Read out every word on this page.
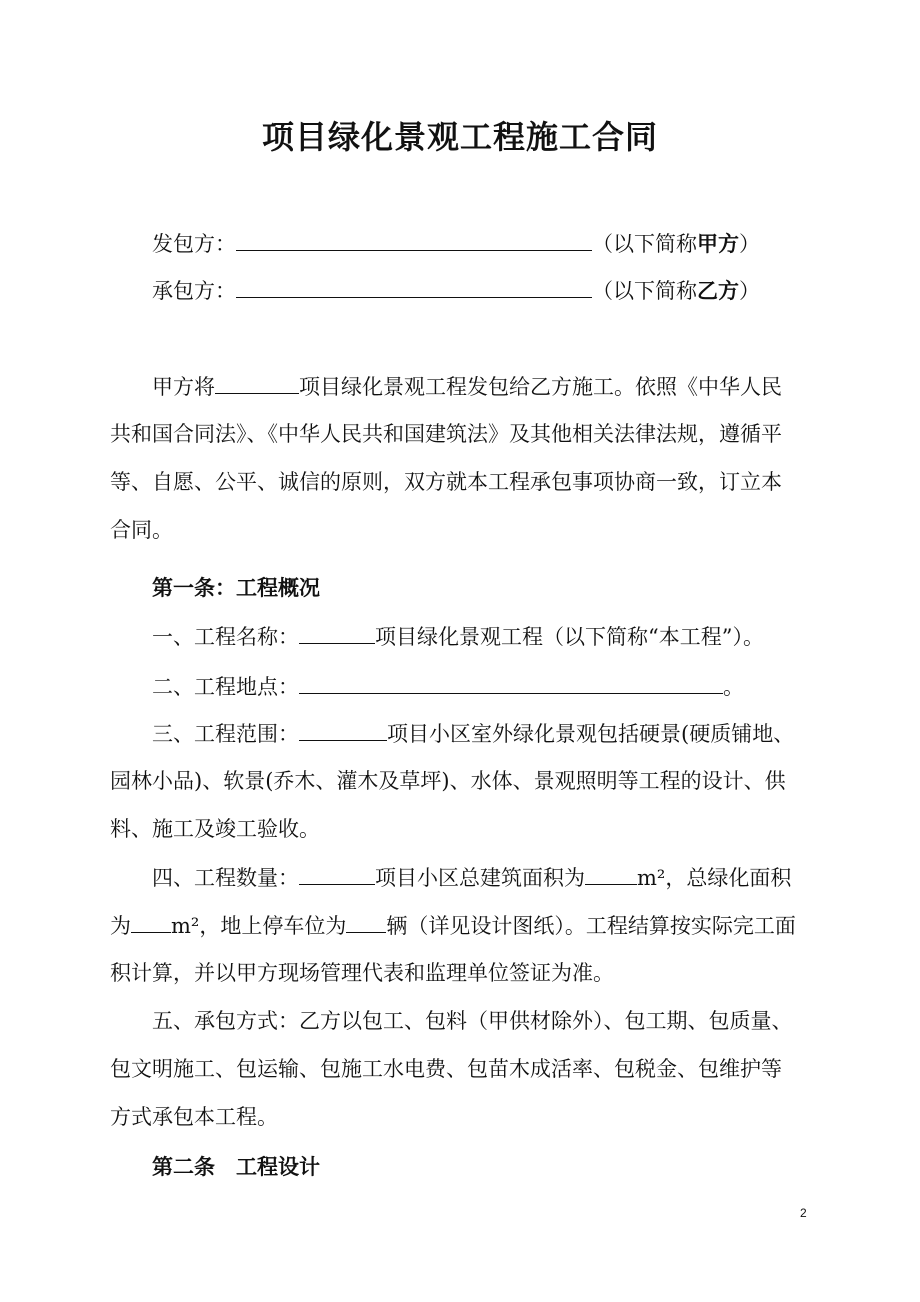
项目绿化景观工程施工合同
发包方：	（以下简称甲方）
承包方：	（以下简称乙方）
甲方将	项目绿化景观工程发包给乙方施工。依照《中华人民
共和国合同法》、《中华人民共和国建筑法》及其他相关法律法规，遵循平
等、自愿、公平、诚信的原则，双方就本工程承包事项协商一致，订立本
合同。
第一条：工程概况
一、工程名称：	项目绿化景观工程（以下简称“本工程”）。
二、工程地点：	。
三、工程范围：	项目小区室外绿化景观包括硬景(硬质铺地、
园林小品)、软景(乔木、灌木及草坪)、水体、景观照明等工程的设计、供
料、施工及竣工验收。
四、工程数量：	项目小区总建筑面积为 m²，总绿化面积
为 m²，地上停车位为 辆（详见设计图纸）。工程结算按实际完工面
积计算，并以甲方现场管理代表和监理单位签证为准。
五、承包方式：乙方以包工、包料（甲供材除外）、包工期、包质量、
包文明施工、包运输、包施工水电费、包苗木成活率、包税金、包维护等
方式承包本工程。
第二条　工程设计
2
